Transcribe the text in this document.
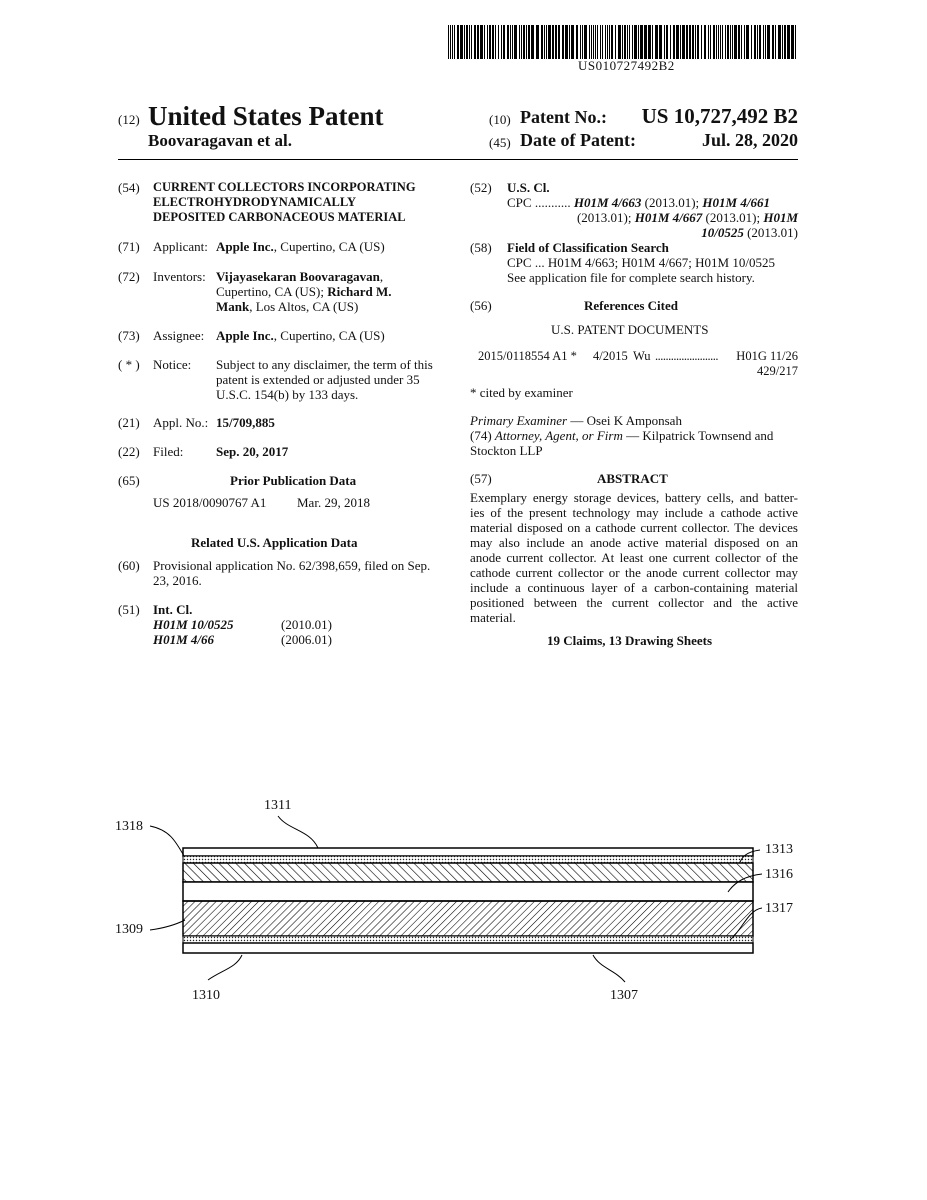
US010727492B2
(12) United States Patent
Boovaragavan et al.
(10) Patent No.: US 10,727,492 B2
(45) Date of Patent:	Jul. 28, 2020
(54) CURRENT COLLECTORS INCORPORATING
ELECTROHYDRODYNAMICALLY
DEPOSITED CARBONACEOUS MATERIAL
(71) Applicant: Apple Inc., Cupertino, CA (US)
(72) Inventors: Vijayasekaran Boovaragavan,
Cupertino, CA (US); Richard M.
Mank, Los Altos, CA (US)
(73) Assignee: Apple Inc., Cupertino, CA (US)
( * ) Notice: Subject to any disclaimer, the term of this
patent is extended or adjusted under 35
U.S.C. 154(b) by 133 days.
(21) Appl. No.: 15/709,885
(22) Filed:	Sep. 20, 2017
(65)	Prior Publication Data
US 2018/0090767 A1 Mar. 29, 2018
Related U.S. Application Data
(60) Provisional application No. 62/398,659, filed on Sep.
23, 2016.
(51) Int. Cl.
H01M 10/0525	(2010.01)
H01M 4/66	(2006.01)
(52) U.S. Cl.
CPC ........... H01M 4/663 (2013.01); H01M 4/661
(2013.01); H01M 4/667 (2013.01); H01M
10/0525 (2013.01)
(58) Field of Classification Search
CPC ... H01M 4/663; H01M 4/667; H01M 10/0525
See application file for complete search history.
(56)	References Cited
U.S. PATENT DOCUMENTS
2015/0118554 A1 * 4/2015 Wu ........................ H01G 11/26
429/217
* cited by examiner
Primary Examiner — Osei K Amponsah
(74) Attorney, Agent, or Firm — Kilpatrick Townsend and
Stockton LLP
(57)	ABSTRACT
Exemplary energy storage devices, battery cells, and batter-
ies of the present technology may include a cathode active
material disposed on a cathode current collector. The devices
may also include an anode active material disposed on an
anode current collector. At least one current collector of the
cathode current collector or the anode current collector may
include a continuous layer of a carbon-containing material
positioned between the current collector and the active
material.
19 Claims, 13 Drawing Sheets
1311
1318
1313
1316
1317
1309
1310	1307
